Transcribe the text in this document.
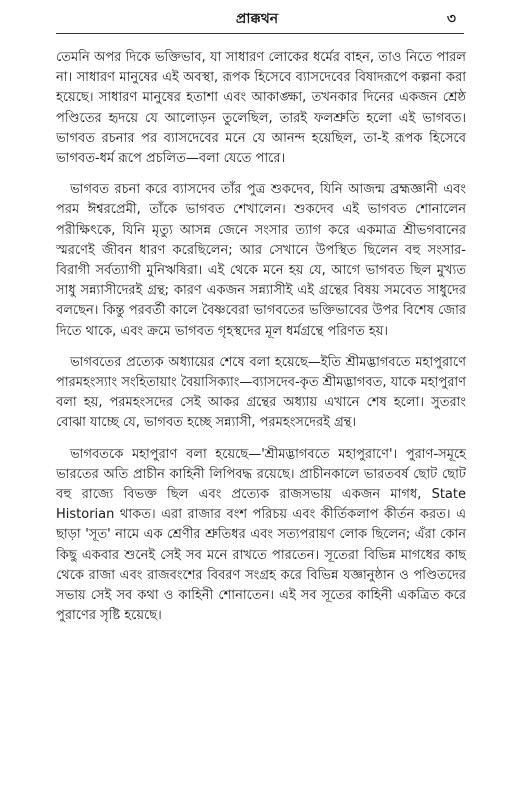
প্রাক্কথন	৩

তেমনি অপর দিকে ভক্তিভাব, যা সাধারণ লোকের ধর্মের বাহন, তাও নিতে পারল না। সাধারণ মানুষের এই অবস্থা, রূপক হিসেবে ব্যাসদেবের বিষাদরূপে কল্পনা করা হয়েছে। সাধারণ মানুষের হতাশা এবং আকাঙ্ক্ষা, তখনকার দিনের একজন শ্রেষ্ঠ পণ্ডিতের হৃদয়ে যে আলোড়ন তুলেছিল, তারই ফলশ্রুতি হলো এই ভাগবত। ভাগবত রচনার পর ব্যাসদেবের মনে যে আনন্দ হয়েছিল, তা-ই রূপক হিসেবে ভাগবত-ধর্ম রূপে প্রচলিত—বলা যেতে পারে।

ভাগবত রচনা করে ব্যাসদেব তাঁর পুত্র শুকদেব, যিনি আজন্ম ব্রহ্মজ্ঞানী এবং পরম ঈশ্বরপ্রেমী, তাঁকে ভাগবত শেখালেন। শুকদেব এই ভাগবত শোনালেন পরীক্ষিৎকে, যিনি মৃত্যু আসন্ন জেনে সংসার ত্যাগ করে একমাত্র শ্রীভগবানের স্মরণেই জীবন ধারণ করেছিলেন; আর সেখানে উপস্থিত ছিলেন বহু সংসার-বিরাগী সর্বত্যাগী মুনিঋষিরা। এই থেকে মনে হয় যে, আগে ভাগবত ছিল মুখ্যত সাধু সন্ন্যাসীদেরই গ্রন্থ; কারণ একজন সন্ন্যাসীই এই গ্রন্থের বিষয় সমবেত সাধুদের বলছেন। কিন্তু পরবর্তী কালে বৈষ্ণবেরা ভাগবতের ভক্তিভাবের উপর বিশেষ জোর দিতে থাকে, এবং ক্রমে ভাগবত গৃহস্থদের মূল ধর্মগ্রন্থে পরিণত হয়।

ভাগবতের প্রত্যেক অধ্যায়ের শেষে বলা হয়েছে—ইতি শ্রীমদ্ভাগবতে মহাপুরাণে পারমহংস্যাং সংহিতায়াং বৈয়াসিক্যাং—ব্যাসদেব-কৃত শ্রীমদ্ভাগবত, যাকে মহাপুরাণ বলা হয়, পরমহংসদের সেই আকর গ্রন্থের অধ্যায় এখানে শেষ হলো। সুতরাং বোঝা যাচ্ছে যে, ভাগবত হচ্ছে সন্ন্যাসী, পরমহংসদেরই গ্রন্থ।

ভাগবতকে মহাপুরাণ বলা হয়েছে—'শ্রীমদ্ভাগবতে মহাপুরাণে'। পুরাণ-সমূহে ভারতের অতি প্রাচীন কাহিনী লিপিবদ্ধ রয়েছে। প্রাচীনকালে ভারতবর্ষ ছোট ছোট বহু রাজ্যে বিভক্ত ছিল এবং প্রত্যেক রাজসভায় একজন মাগধ, State Historian থাকত। এরা রাজার বংশ পরিচয় এবং কীর্তিকলাপ কীর্তন করত। এ ছাড়া 'সূত' নামে এক শ্রেণীর শ্রুতিধর এবং সত্যপরায়ণ লোক ছিলেন; এঁরা কোন কিছু একবার শুনেই সেই সব মনে রাখতে পারতেন। সূতেরা বিভিন্ন মাগধের কাছ থেকে রাজা এবং রাজবংশের বিবরণ সংগ্রহ করে বিভিন্ন যজ্ঞানুষ্ঠান ও পণ্ডিতদের সভায় সেই সব কথা ও কাহিনী শোনাতেন। এই সব সূতের কাহিনী একত্রিত করে পুরাণের সৃষ্টি হয়েছে।
